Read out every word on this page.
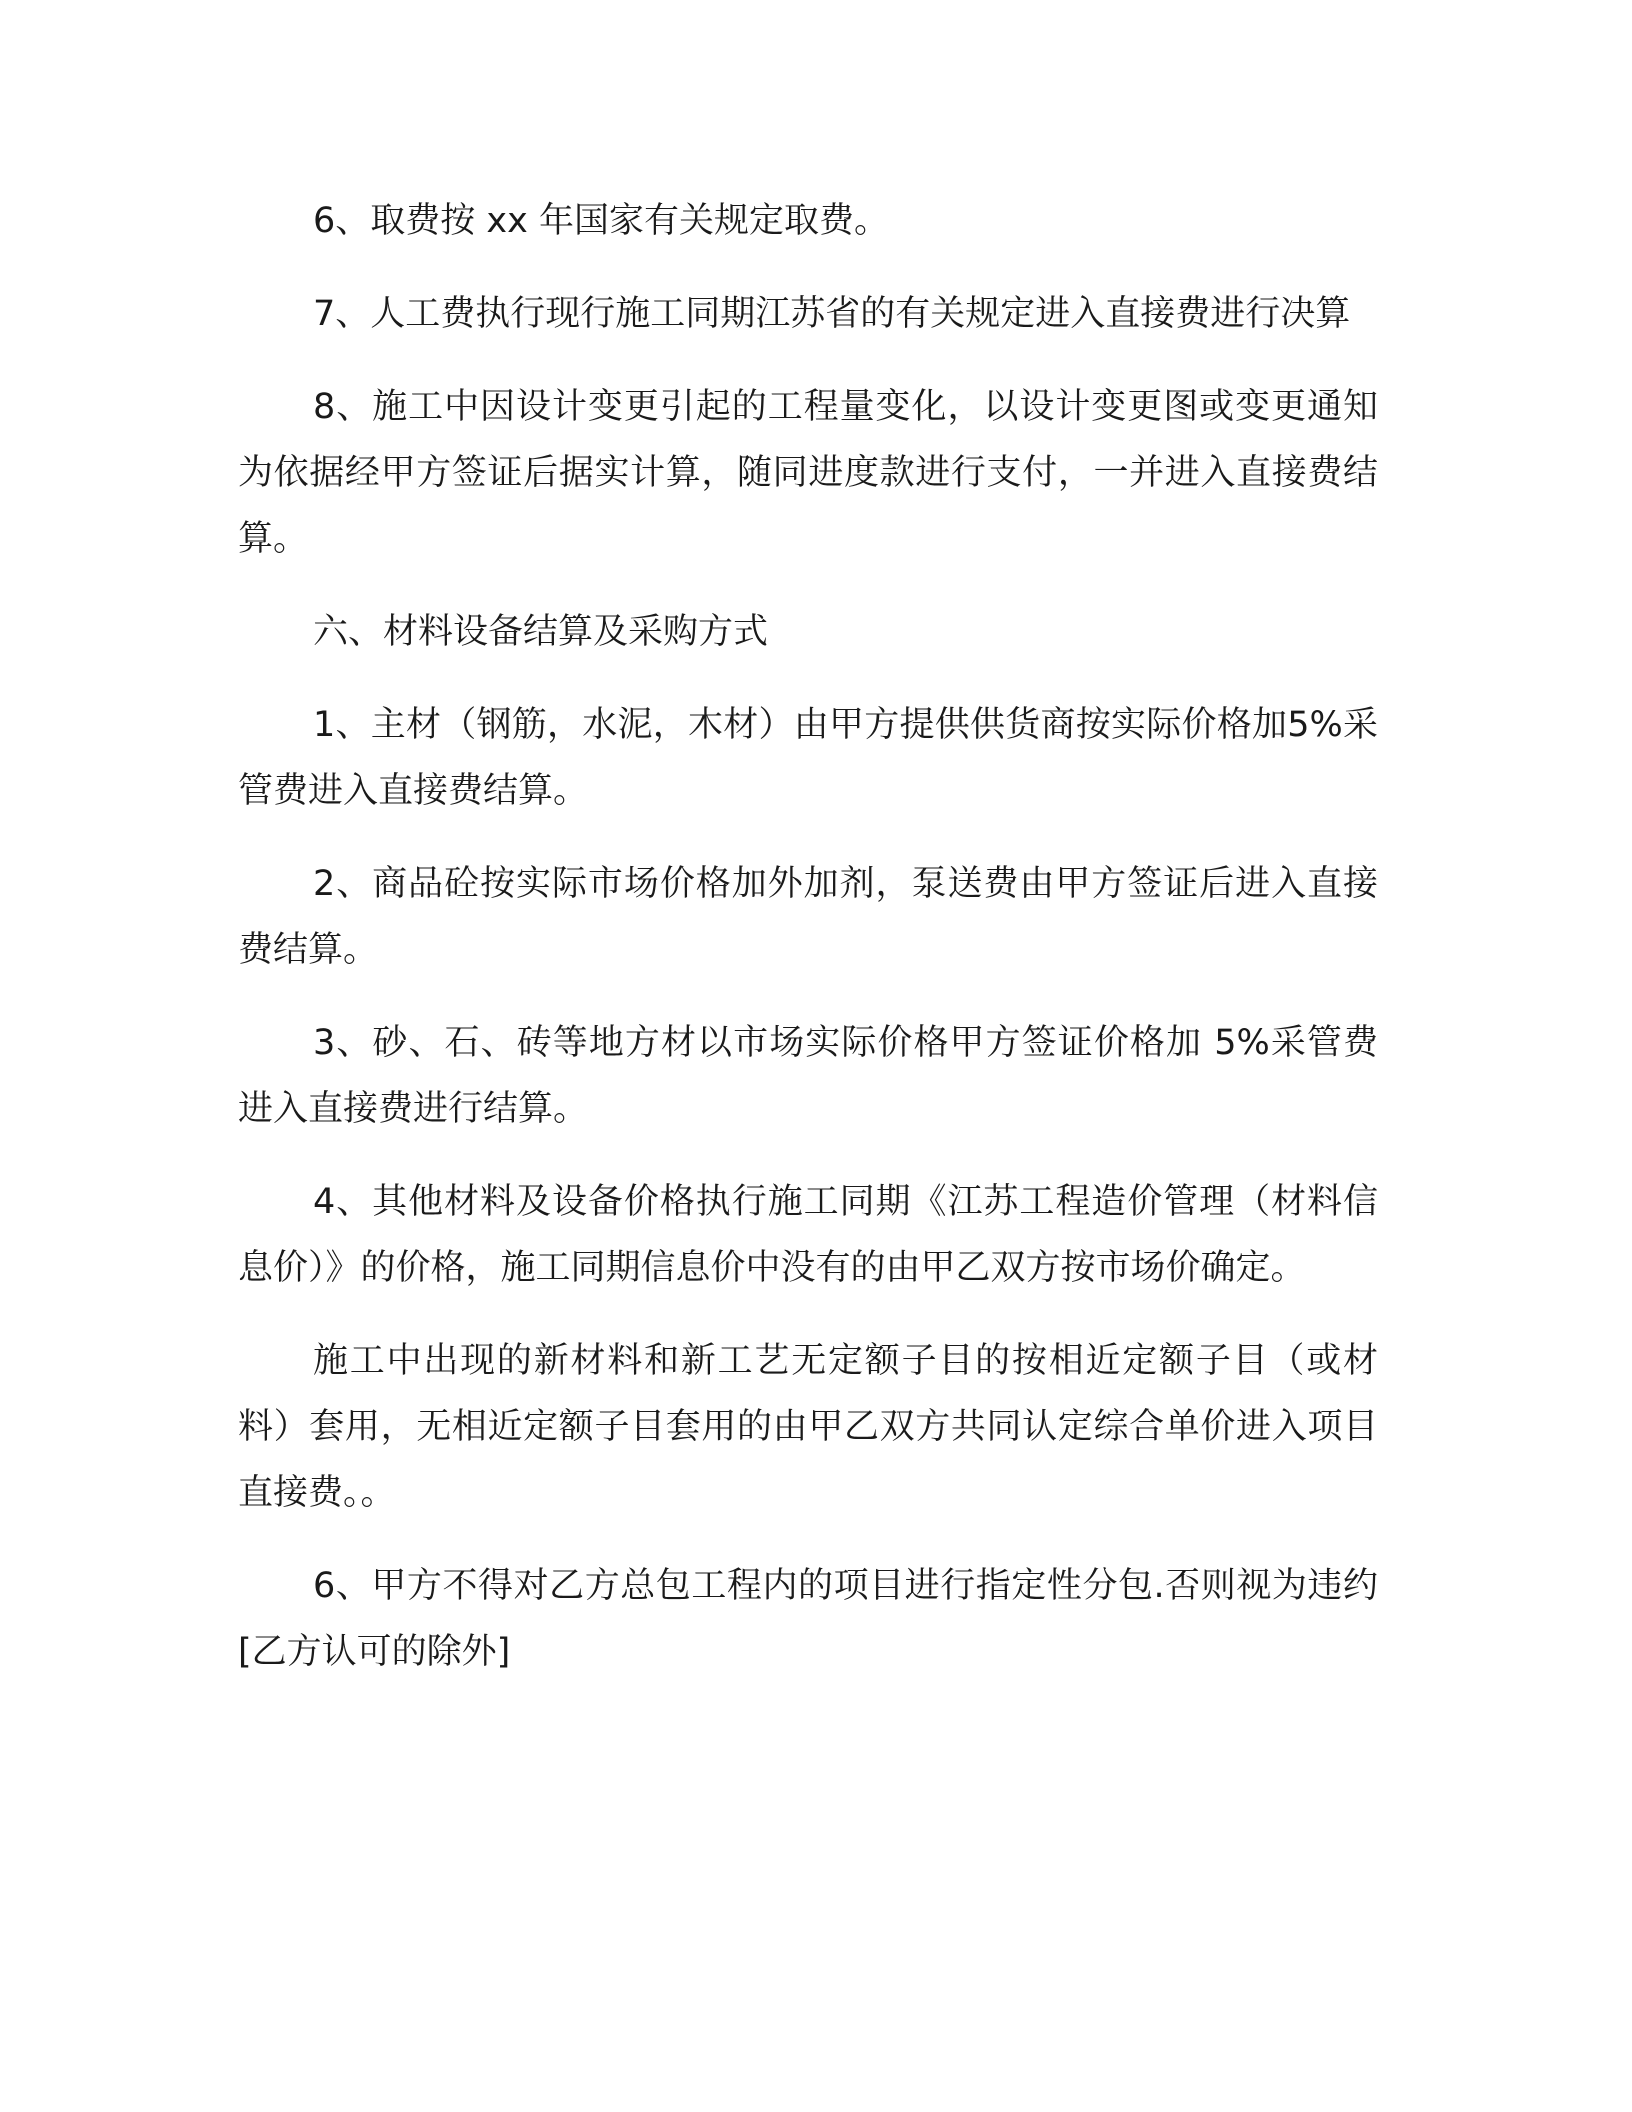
6、取费按 xx 年国家有关规定取费。

7、人工费执行现行施工同期江苏省的有关规定进入直接费进行决算

8、施工中因设计变更引起的工程量变化，以设计变更图或变更通知为依据经甲方签证后据实计算，随同进度款进行支付，一并进入直接费结算。

六、材料设备结算及采购方式

1、主材（钢筋，水泥，木材）由甲方提供供货商按实际价格加5%采管费进入直接费结算。

2、商品砼按实际市场价格加外加剂，泵送费由甲方签证后进入直接费结算。

3、砂、石、砖等地方材以市场实际价格甲方签证价格加 5%采管费进入直接费进行结算。

4、其他材料及设备价格执行施工同期《江苏工程造价管理（材料信息价）》的价格，施工同期信息价中没有的由甲乙双方按市场价确定。

施工中出现的新材料和新工艺无定额子目的按相近定额子目（或材料）套用，无相近定额子目套用的由甲乙双方共同认定综合单价进入项目直接费。。

6、甲方不得对乙方总包工程内的项目进行指定性分包.否则视为违约[乙方认可的除外]
